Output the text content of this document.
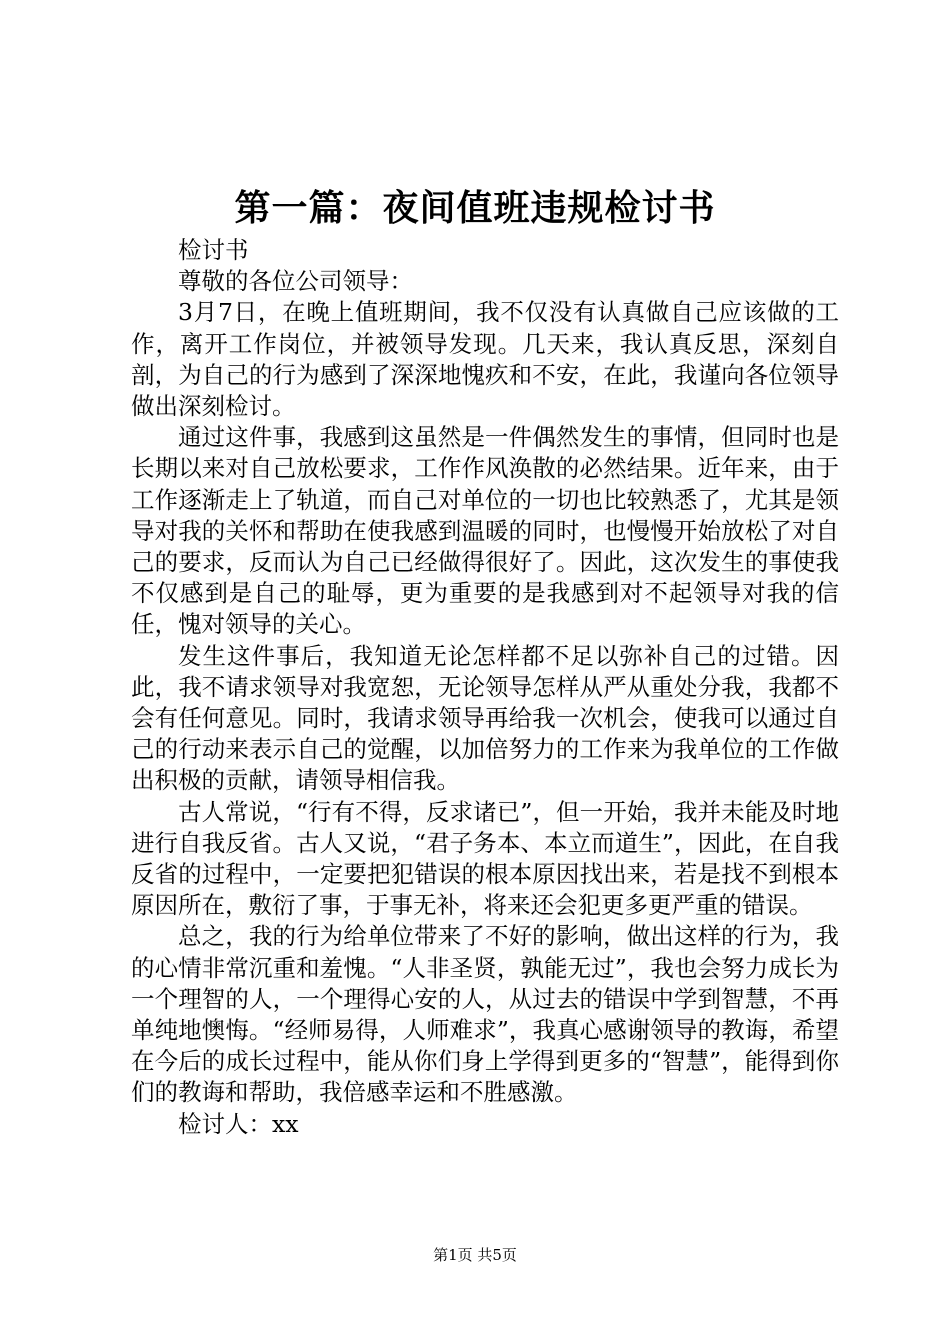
第一篇：夜间值班违规检讨书

检讨书

尊敬的各位公司领导：

3月7日，在晚上值班期间，我不仅没有认真做自己应该做的工作，离开工作岗位，并被领导发现。几天来，我认真反思，深刻自剖，为自己的行为感到了深深地愧疚和不安，在此，我谨向各位领导做出深刻检讨。

通过这件事，我感到这虽然是一件偶然发生的事情，但同时也是长期以来对自己放松要求，工作作风涣散的必然结果。近年来，由于工作逐渐走上了轨道，而自己对单位的一切也比较熟悉了，尤其是领导对我的关怀和帮助在使我感到温暖的同时，也慢慢开始放松了对自己的要求，反而认为自己已经做得很好了。因此，这次发生的事使我不仅感到是自己的耻辱，更为重要的是我感到对不起领导对我的信任，愧对领导的关心。

发生这件事后，我知道无论怎样都不足以弥补自己的过错。因此，我不请求领导对我宽恕，无论领导怎样从严从重处分我，我都不会有任何意见。同时，我请求领导再给我一次机会，使我可以通过自己的行动来表示自己的觉醒，以加倍努力的工作来为我单位的工作做出积极的贡献，请领导相信我。

古人常说，“行有不得，反求诸已”，但一开始，我并未能及时地进行自我反省。古人又说，“君子务本、本立而道生”，因此，在自我反省的过程中，一定要把犯错误的根本原因找出来，若是找不到根本原因所在，敷衍了事，于事无补，将来还会犯更多更严重的错误。

总之，我的行为给单位带来了不好的影响，做出这样的行为，我的心情非常沉重和羞愧。“人非圣贤，孰能无过”，我也会努力成长为一个理智的人，一个理得心安的人，从过去的错误中学到智慧，不再单纯地懊悔。“经师易得，人师难求”，我真心感谢领导的教诲，希望在今后的成长过程中，能从你们身上学得到更多的“智慧”，能得到你们的教诲和帮助，我倍感幸运和不胜感激。

检讨人：xx

第1页 共5页
